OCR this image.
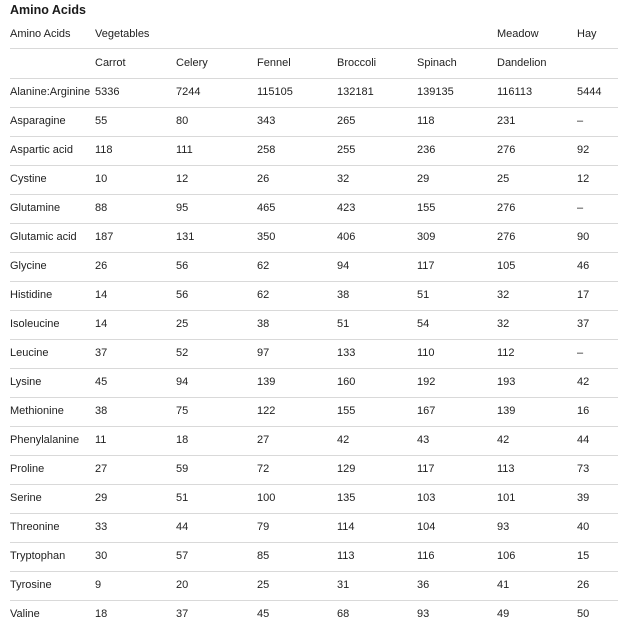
Amino Acids
Amino Acids	Vegetables					Meadow	Hay
	Carrot	Celery	Fennel	Broccoli	Spinach	Dandelion	
Alanine:Arginine	5336	7244	115105	132181	139135	116113	5444
Asparagine	55	80	343	265	118	231	–
Aspartic acid	118	111	258	255	236	276	92
Cystine	10	12	26	32	29	25	12
Glutamine	88	95	465	423	155	276	–
Glutamic acid	187	131	350	406	309	276	90
Glycine	26	56	62	94	117	105	46
Histidine	14	56	62	38	51	32	17
Isoleucine	14	25	38	51	54	32	37
Leucine	37	52	97	133	110	112	–
Lysine	45	94	139	160	192	193	42
Methionine	38	75	122	155	167	139	16
Phenylalanine	11	18	27	42	43	42	44
Proline	27	59	72	129	117	113	73
Serine	29	51	100	135	103	101	39
Threonine	33	44	79	114	104	93	40
Tryptophan	30	57	85	113	116	106	15
Tyrosine	9	20	25	31	36	41	26
Valine	18	37	45	68	93	49	50
